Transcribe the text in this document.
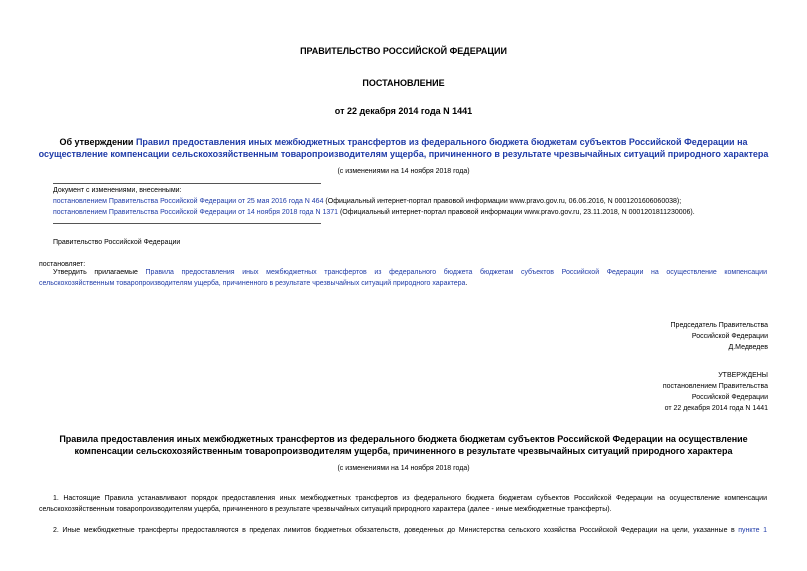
ПРАВИТЕЛЬСТВО РОССИЙСКОЙ ФЕДЕРАЦИИ
ПОСТАНОВЛЕНИЕ
от 22 декабря 2014 года N 1441
Об утверждении Правил предоставления иных межбюджетных трансфертов из федерального бюджета бюджетам субъектов Российской Федерации на
осуществление компенсации сельскохозяйственным товаропроизводителям ущерба, причиненного в результате чрезвычайных ситуаций природного характера
(с изменениями на 14 ноября 2018 года)
Документ с изменениями, внесенными:
постановлением Правительства Российской Федерации от 25 мая 2016 года N 464 (Официальный интернет-портал правовой информации www.pravo.gov.ru, 06.06.2016, N 0001201606060038);
постановлением Правительства Российской Федерации от 14 ноября 2018 года N 1371 (Официальный интернет-портал правовой информации www.pravo.gov.ru, 23.11.2018, N 0001201811230006).
Правительство Российской Федерации
постановляет:
Утвердить прилагаемые Правила предоставления иных межбюджетных трансфертов из федерального бюджета бюджетам субъектов Российской Федерации на осуществление компенсации
сельскохозяйственным товаропроизводителям ущерба, причиненного в результате чрезвычайных ситуаций природного характера.
Председатель Правительства
Российской Федерации
Д.Медведев
УТВЕРЖДЕНЫ
постановлением Правительства
Российской Федерации
от 22 декабря 2014 года N 1441
Правила предоставления иных межбюджетных трансфертов из федерального бюджета бюджетам субъектов Российской Федерации на осуществление
компенсации сельскохозяйственным товаропроизводителям ущерба, причиненного в результате чрезвычайных ситуаций природного характера
(с изменениями на 14 ноября 2018 года)
1. Настоящие Правила устанавливают порядок предоставления иных межбюджетных трансфертов из федерального бюджета бюджетам субъектов Российской Федерации на осуществление компенсации
сельскохозяйственным товаропроизводителям ущерба, причиненного в результате чрезвычайных ситуаций природного характера (далее - иные межбюджетные трансферты).
2. Иные межбюджетные трансферты предоставляются в пределах лимитов бюджетных обязательств, доведенных до Министерства сельского хозяйства Российской Федерации на цели, указанные в пункте 1
